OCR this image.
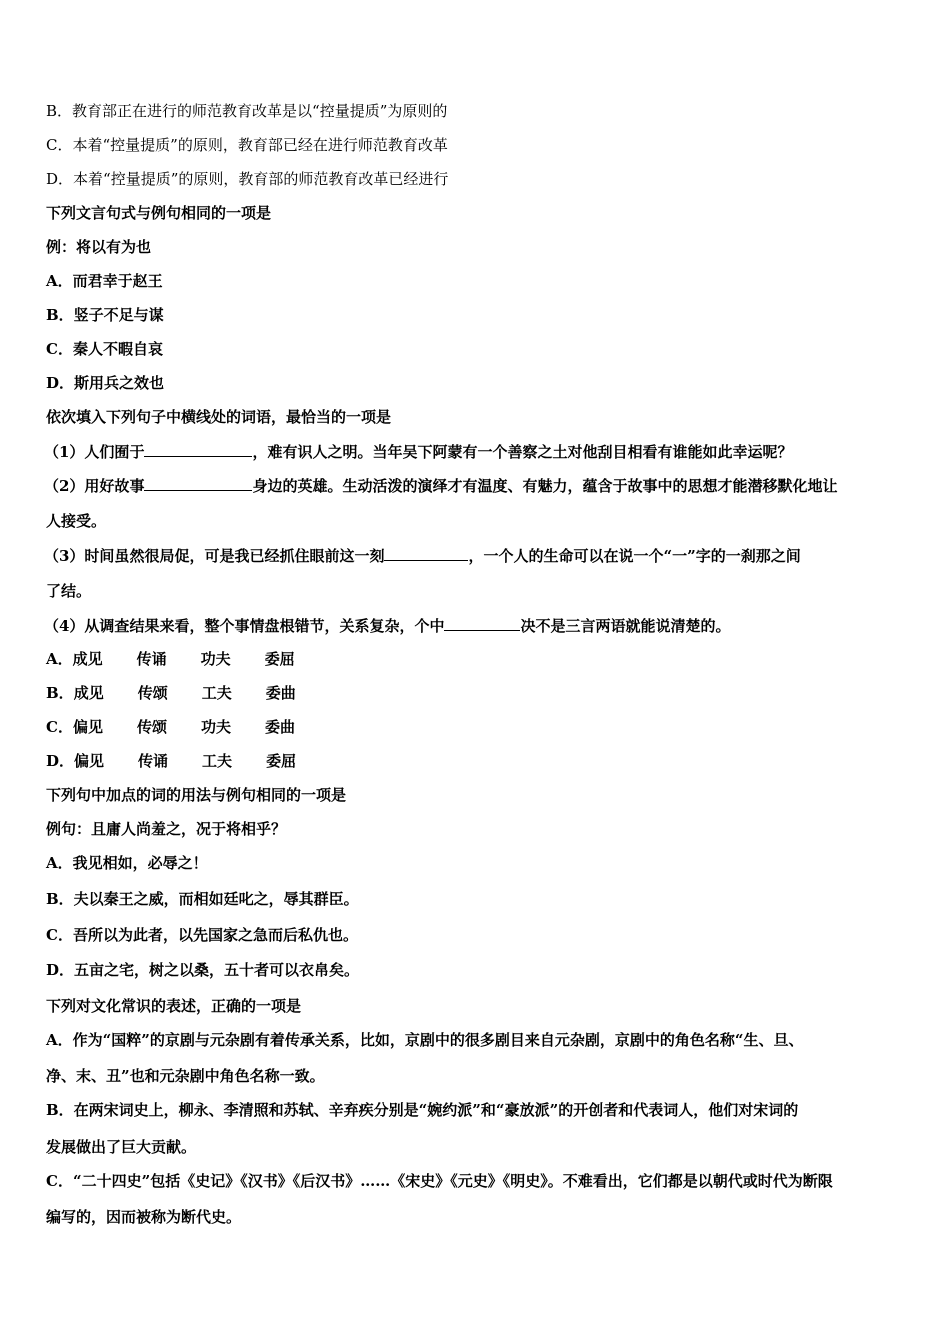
B．教育部正在进行的师范教育改革是以“控量提质”为原则的
C．本着“控量提质”的原则，教育部已经在进行师范教育改革
D．本着“控量提质”的原则，教育部的师范教育改革已经进行
下列文言句式与例句相同的一项是
例：将以有为也
A．而君幸于赵王
B．竖子不足与谋
C．秦人不暇自哀
D．斯用兵之效也
依次填入下列句子中横线处的词语，最恰当的一项是
（1）人们囿于	，难有识人之明。当年吴下阿蒙有一个善察之土对他刮目相看有谁能如此幸运呢？
（2）用好故事	身边的英雄。生动活泼的演绎才有温度、有魅力，蕴含于故事中的思想才能潜移默化地让
人接受。
（3）时间虽然很局促，可是我已经抓住眼前这一刻	，一个人的生命可以在说一个“一”字的一刹那之间
了结。
（4）从调查结果来看，整个事情盘根错节，关系复杂，个中	决不是三言两语就能说清楚的。
A．成见 传诵 功夫 委屈
B．成见 传颂 工夫 委曲
C．偏见 传颂 功夫 委曲
D．偏见 传诵 工夫 委屈
下列句中加点的词的用法与例句相同的一项是
例句：且庸人尚羞之，况于将相乎？
A．我见相如，必辱之！
B．夫以秦王之威，而相如廷叱之，辱其群臣。
C．吾所以为此者，以先国家之急而后私仇也。
D．五亩之宅，树之以桑，五十者可以衣帛矣。
下列对文化常识的表述，正确的一项是
A．作为“国粹”的京剧与元杂剧有着传承关系，比如，京剧中的很多剧目来自元杂剧，京剧中的角色名称“生、旦、
净、末、丑”也和元杂剧中角色名称一致。
B．在两宋词史上，柳永、李清照和苏轼、辛弃疾分别是“婉约派”和“豪放派”的开创者和代表词人，他们对宋词的
发展做出了巨大贡献。
C．“二十四史”包括《史记》《汉书》《后汉书》……《宋史》《元史》《明史》。不难看出，它们都是以朝代或时代为断限
编写的，因而被称为断代史。
